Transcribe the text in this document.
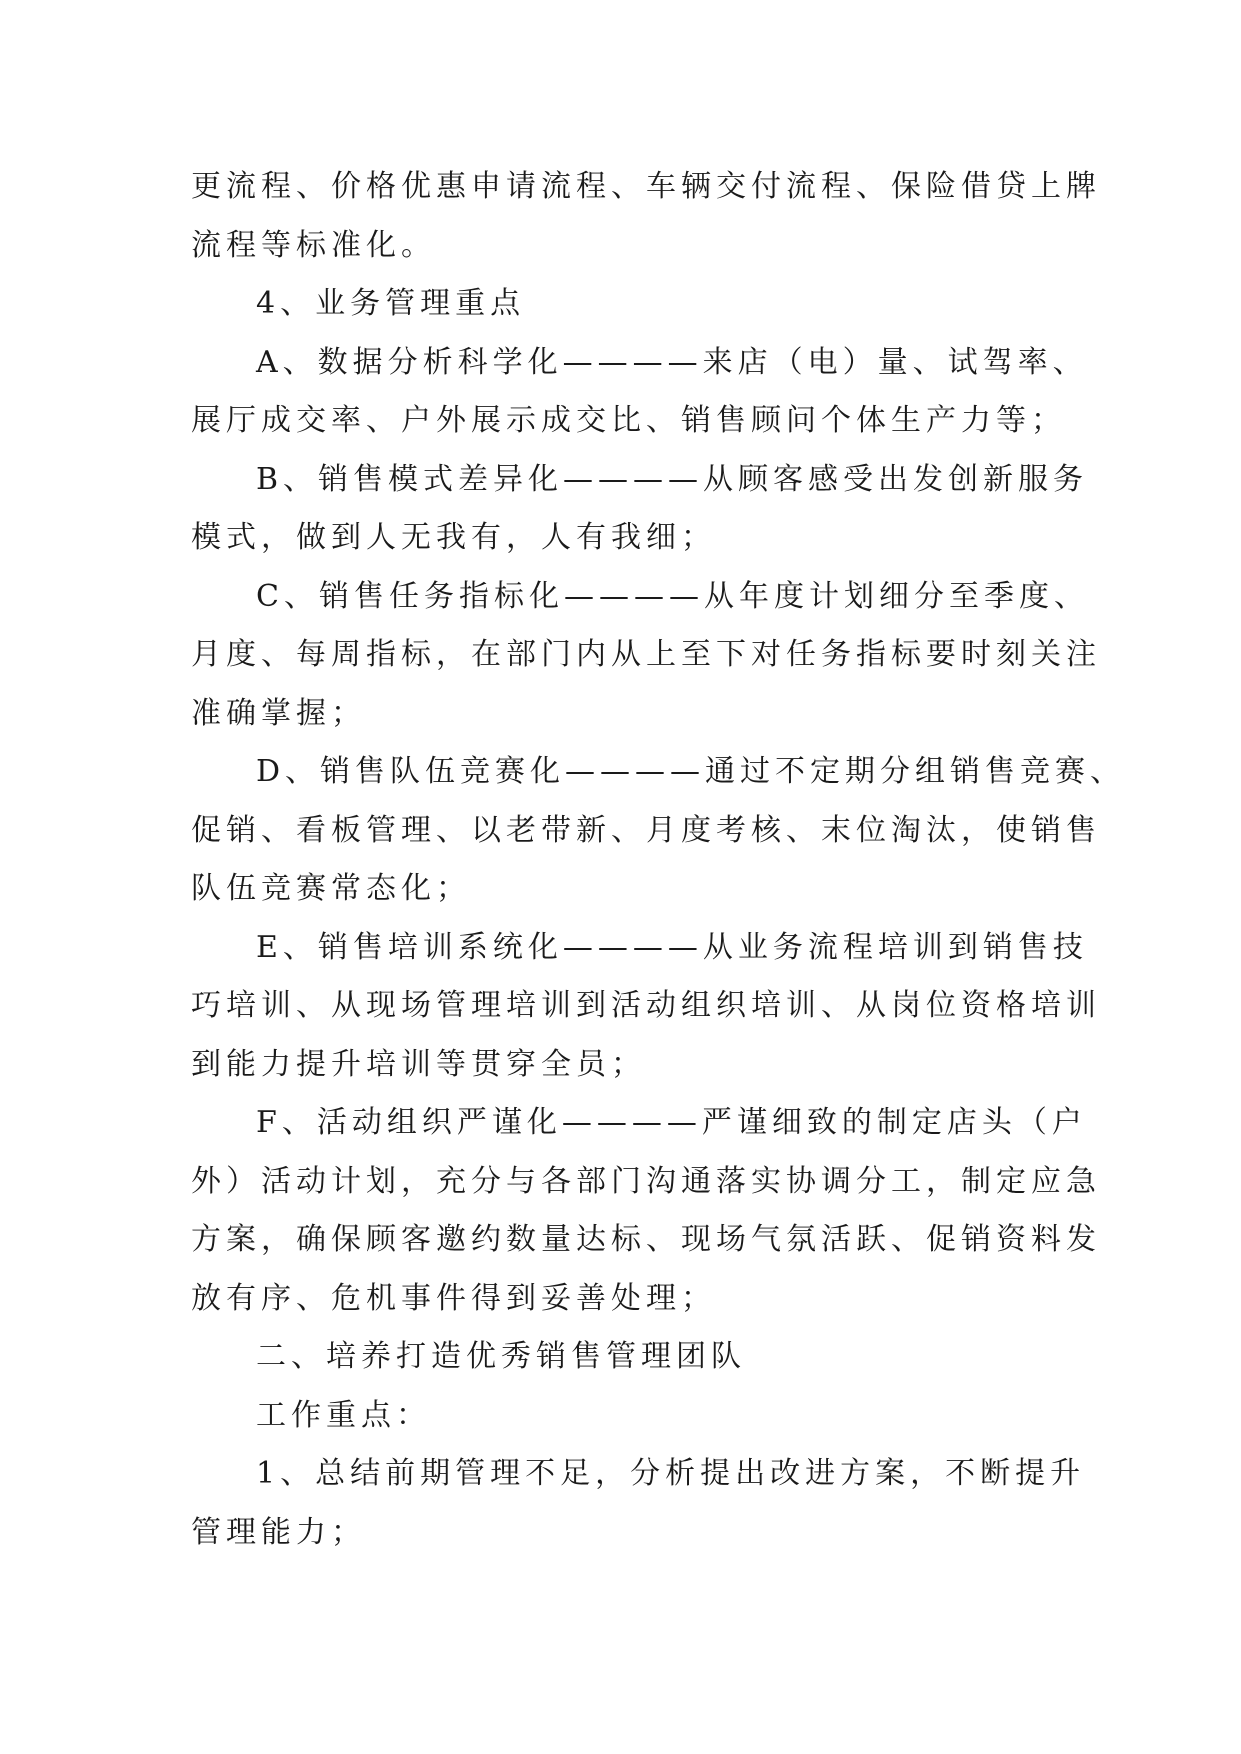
更流程、价格优惠申请流程、车辆交付流程、保险借贷上牌
流程等标准化。
4、业务管理重点
A、数据分析科学化————来店（电）量、试驾率、
展厅成交率、户外展示成交比、销售顾问个体生产力等；
B、销售模式差异化————从顾客感受出发创新服务
模式，做到人无我有，人有我细；
C、销售任务指标化————从年度计划细分至季度、
月度、每周指标，在部门内从上至下对任务指标要时刻关注
准确掌握；
D、销售队伍竞赛化————通过不定期分组销售竞赛、
促销、看板管理、以老带新、月度考核、末位淘汰，使销售
队伍竞赛常态化；
E、销售培训系统化————从业务流程培训到销售技
巧培训、从现场管理培训到活动组织培训、从岗位资格培训
到能力提升培训等贯穿全员；
F、活动组织严谨化————严谨细致的制定店头（户
外）活动计划，充分与各部门沟通落实协调分工，制定应急
方案，确保顾客邀约数量达标、现场气氛活跃、促销资料发
放有序、危机事件得到妥善处理；
二、培养打造优秀销售管理团队
工作重点：
1、总结前期管理不足，分析提出改进方案，不断提升
管理能力；
